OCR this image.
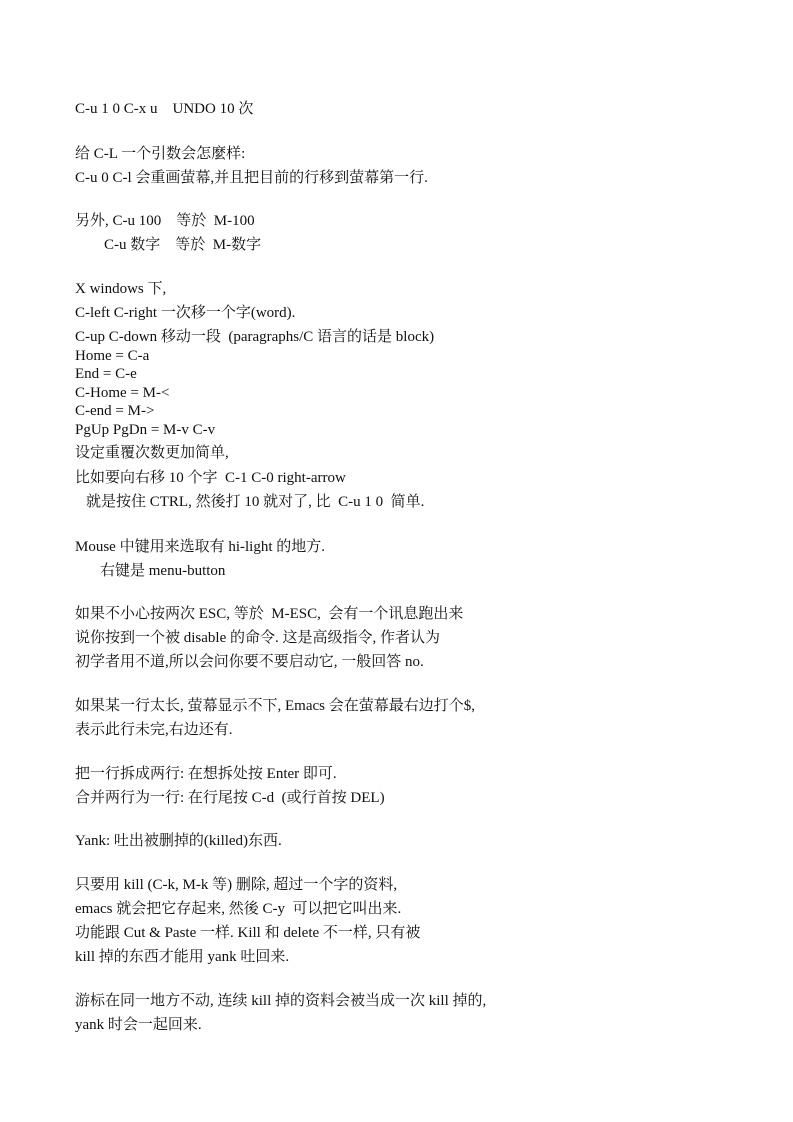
C-u 1 0 C-x u    UNDO 10 次
给 C-L 一个引数会怎麼样:
C-u 0 C-l 会重画萤幕,并且把目前的行移到萤幕第一行.
另外, C-u 100    等於  M-100
C-u 数字    等於  M-数字
X windows 下,
C-left C-right 一次移一个字(word).
C-up C-down 移动一段  (paragraphs/C 语言的话是 block)
Home = C-a
End = C-e
C-Home = M-<
C-end = M->
PgUp PgDn = M-v C-v
设定重覆次数更加简单,
比如要向右移 10 个字  C-1 C-0 right-arrow
就是按住 CTRL, 然後打 10 就对了, 比  C-u 1 0  简单.
Mouse 中键用来选取有 hi-light 的地方.
右键是 menu-button
如果不小心按两次 ESC, 等於  M-ESC,  会有一个讯息跑出来
说你按到一个被 disable 的命令. 这是高级指令, 作者认为
初学者用不道,所以会问你要不要启动它, 一般回答 no.
如果某一行太长, 萤幕显示不下, Emacs 会在萤幕最右边打个$,
表示此行未完,右边还有.
把一行拆成两行: 在想拆处按 Enter 即可.
合并两行为一行: 在行尾按 C-d  (或行首按 DEL)
Yank: 吐出被删掉的(killed)东西.
只要用 kill (C-k, M-k 等) 删除, 超过一个字的资料,
emacs 就会把它存起来, 然後 C-y  可以把它叫出来.
功能跟 Cut & Paste 一样. Kill 和 delete 不一样, 只有被
kill 掉的东西才能用 yank 吐回来.
游标在同一地方不动, 连续 kill 掉的资料会被当成一次 kill 掉的,
yank 时会一起回来.
